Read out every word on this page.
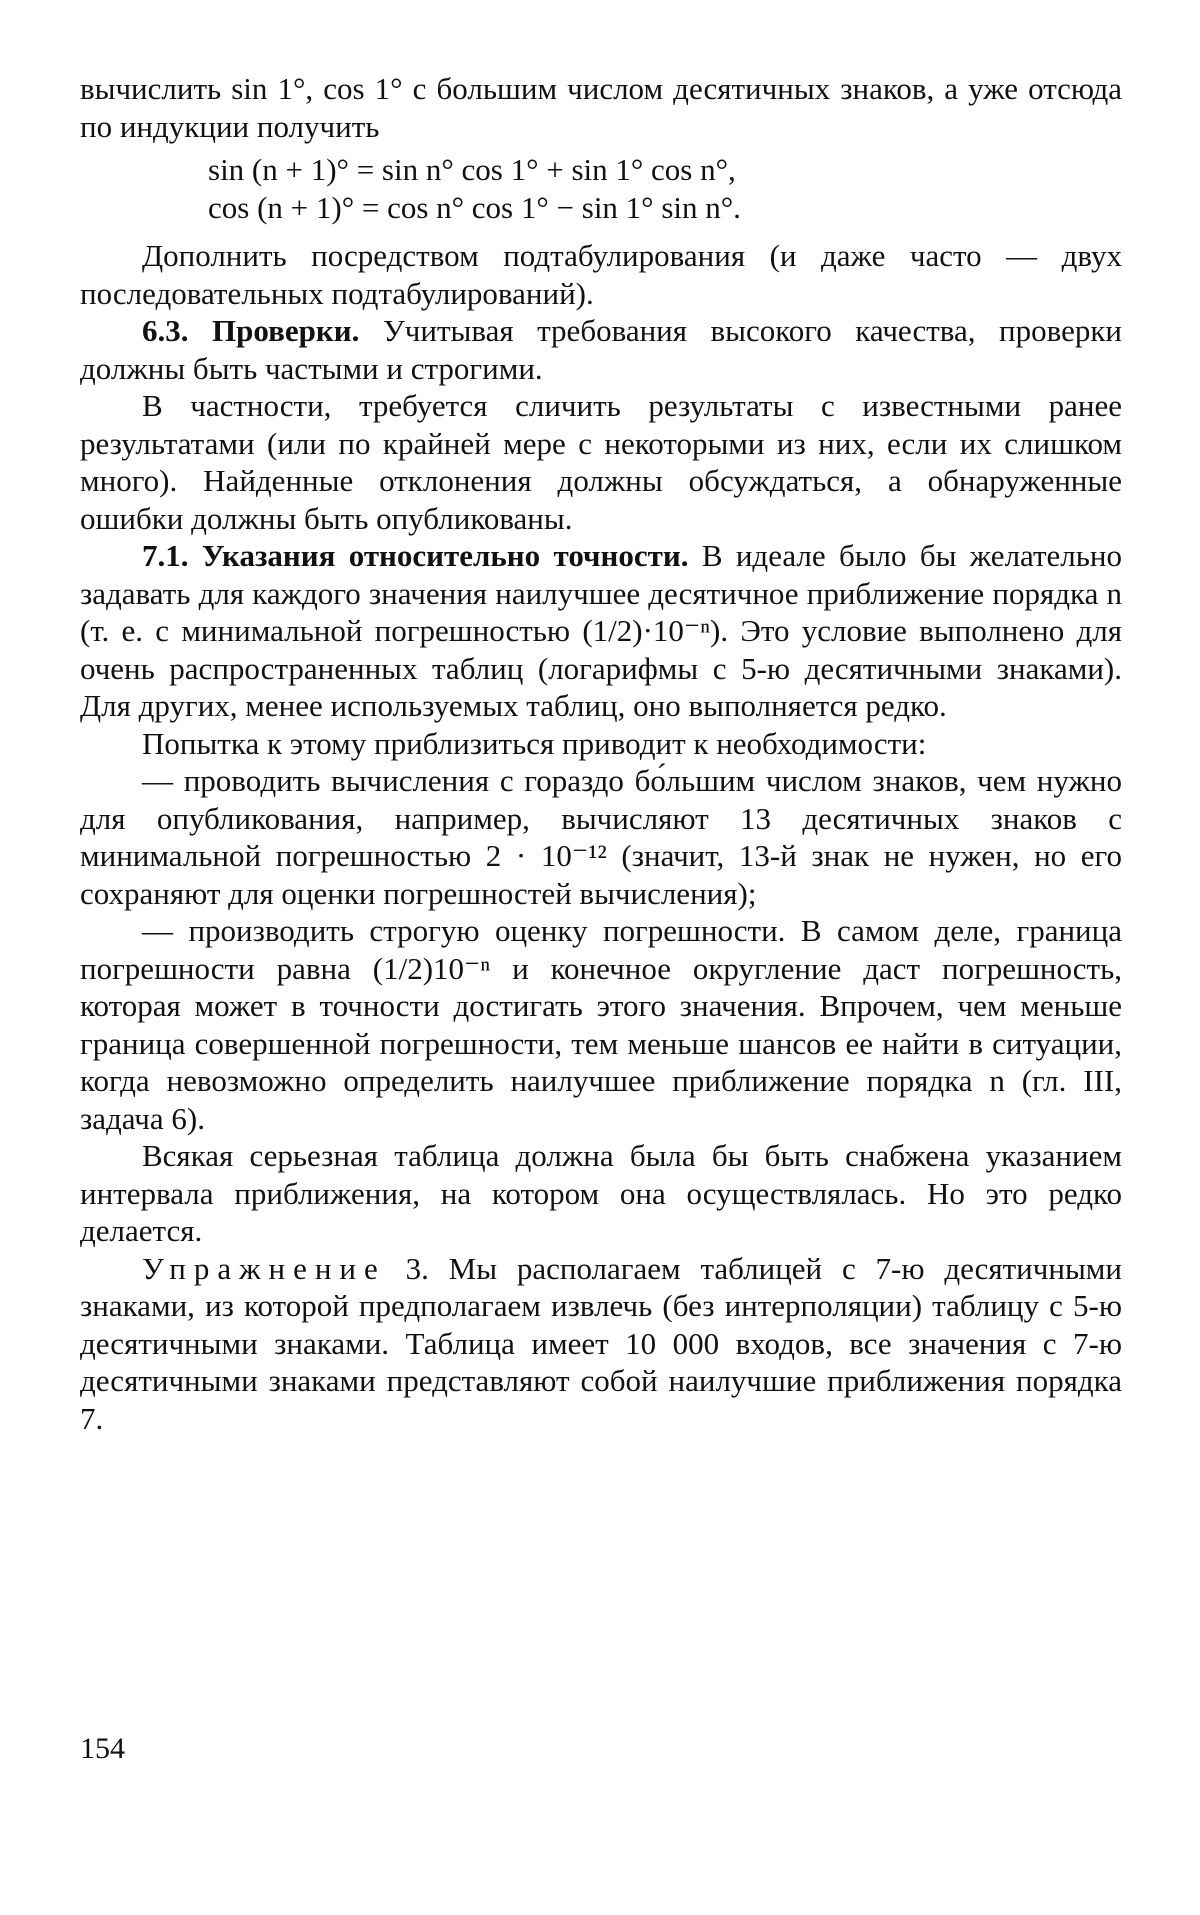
вычислить sin 1°, cos 1° с большим числом десятичных знаков, а уже отсюда по индукции получить

sin (n + 1)° = sin n° cos 1° + sin 1° cos n°,
cos (n + 1)° = cos n° cos 1° − sin 1° sin n°.

Дополнить посредством подтабулирования (и даже часто — двух последовательных подтабулирований).

6.3. Проверки. Учитывая требования высокого качества, проверки должны быть частыми и строгими.

В частности, требуется сличить результаты с известными ранее результатами (или по крайней мере с некоторыми из них, если их слишком много). Найденные отклонения должны обсуждаться, а обнаруженные ошибки должны быть опубликованы.

7.1. Указания относительно точности. В идеале было бы желательно задавать для каждого значения наилучшее десятичное приближение порядка n (т. е. с минимальной погрешностью (1/2)·10⁻ⁿ). Это условие выполнено для очень распространенных таблиц (логарифмы с 5-ю десятичными знаками). Для других, менее используемых таблиц, оно выполняется редко.

Попытка к этому приблизиться приводит к необходимости:

— проводить вычисления с гораздо бо́льшим числом знаков, чем нужно для опубликования, например, вычисляют 13 десятичных знаков с минимальной погрешностью 2 · 10⁻¹² (значит, 13-й знак не нужен, но его сохраняют для оценки погрешностей вычисления);

— производить строгую оценку погрешности. В самом деле, граница погрешности равна (1/2)10⁻ⁿ и конечное округление даст погрешность, которая может в точности достигать этого значения. Впрочем, чем меньше граница совершенной погрешности, тем меньше шансов ее найти в ситуации, когда невозможно определить наилучшее приближение порядка n (гл. III, задача 6).

Всякая серьезная таблица должна была бы быть снабжена указанием интервала приближения, на котором она осуществлялась. Но это редко делается.

Упражнение 3. Мы располагаем таблицей с 7-ю десятичными знаками, из которой предполагаем извлечь (без интерполяции) таблицу с 5-ю десятичными знаками. Таблица имеет 10 000 входов, все значения с 7-ю десятичными знаками представляют собой наилучшие приближения порядка 7.

154
